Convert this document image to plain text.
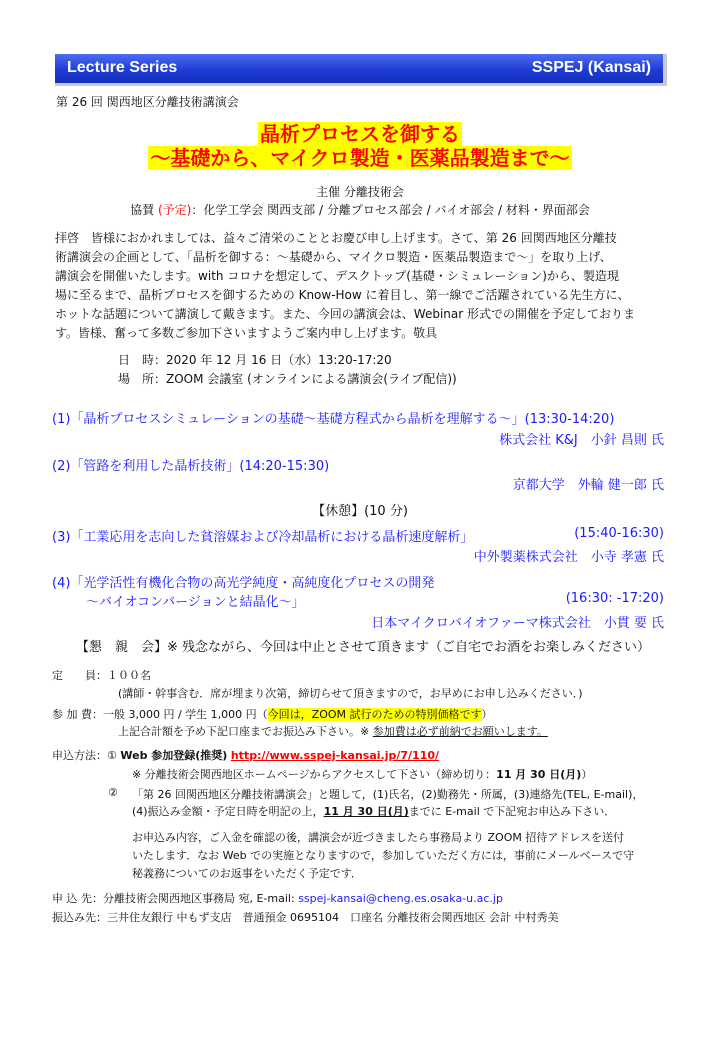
Lecture Series	SSPEJ (Kansai)
第 26 回 関西地区分離技術講演会
晶析プロセスを御する
～基礎から、マイクロ製造・医薬品製造まで～
主催 分離技術会
協賛 (予定)：化学工学会 関西支部 / 分離プロセス部会 / バイオ部会 / 材料・界面部会
拝啓　皆様におかれましては、益々ご清栄のこととお慶び申し上げます。さて、第 26 回関西地区分離技
術講演会の企画として、「晶析を御する：～基礎から、マイクロ製造・医薬品製造まで～」を取り上げ、
講演会を開催いたします。with コロナを想定して、デスクトップ(基礎・シミュレーション)から、製造現
場に至るまで、晶析プロセスを御するための Know-How に着目し、第一線でご活躍されている先生方に、
ホットな話題について講演して戴きます。また、今回の講演会は、Webinar 形式での開催を予定しておりま
す。皆様、奮って多数ご参加下さいますようご案内申し上げます。敬具
日　時：2020 年 12 月 16 日（水）13:20-17:20
場　所：ZOOM 会議室 (オンラインによる講演会(ライブ配信))
(1)「晶析プロセスシミュレーションの基礎～基礎方程式から晶析を理解する～」(13:30-14:20)
株式会社 K&J　小針 昌則 氏
(2)「管路を利用した晶析技術」(14:20-15:30)
京都大学　外輪 健一郎 氏
【休憩】(10 分)
(3)「工業応用を志向した貧溶媒および冷却晶析における晶析速度解析」	(15:40-16:30)
中外製薬株式会社　小寺 孝憲 氏
(4)「光学活性有機化合物の高光学純度・高純度化プロセスの開発
～バイオコンバージョンと結晶化～」	(16:30: -17:20)
日本マイクロバイオファーマ株式会社　小貫 要 氏
【懇　親　会】※ 残念ながら、今回は中止とさせて頂きます（ご自宅でお酒をお楽しみください）
定　　員：１００名
(講師・幹事含む．席が埋まり次第，締切らせて頂きますので，お早めにお申し込みください．)
参 加 費：一般 3,000 円 / 学生 1,000 円（今回は，ZOOM 試行のための特別価格です）
上記合計額を予め下記口座までお振込み下さい。※ 参加費は必ず前納でお願いします。
申込方法：① Web 参加登録(推奨) http://www.sspej-kansai.jp/7/110/
※ 分離技術会関西地区ホームページからアクセスして下さい（締め切り：11 月 30 日(月)）
② 「第 26 回関西地区分離技術講演会」と題して，(1)氏名，(2)勤務先・所属，(3)連絡先(TEL, E-mail)，
(4)振込み金額・予定日時を明記の上，11 月 30 日(月)までに E-mail で下記宛お申込み下さい．
お申込み内容，ご入金を確認の後，講演会が近づきましたら事務局より ZOOM 招待アドレスを送付
いたします．なお Web での実施となりますので，参加していただく方には，事前にメールベースで守
秘義務についてのお返事をいただく予定です．
申 込 先：分離技術会関西地区事務局 宛, E-mail: sspej-kansai@cheng.es.osaka-u.ac.jp
振込み先：三井住友銀行 中もず支店　普通預金 0695104　口座名 分離技術会関西地区 会計 中村秀美
